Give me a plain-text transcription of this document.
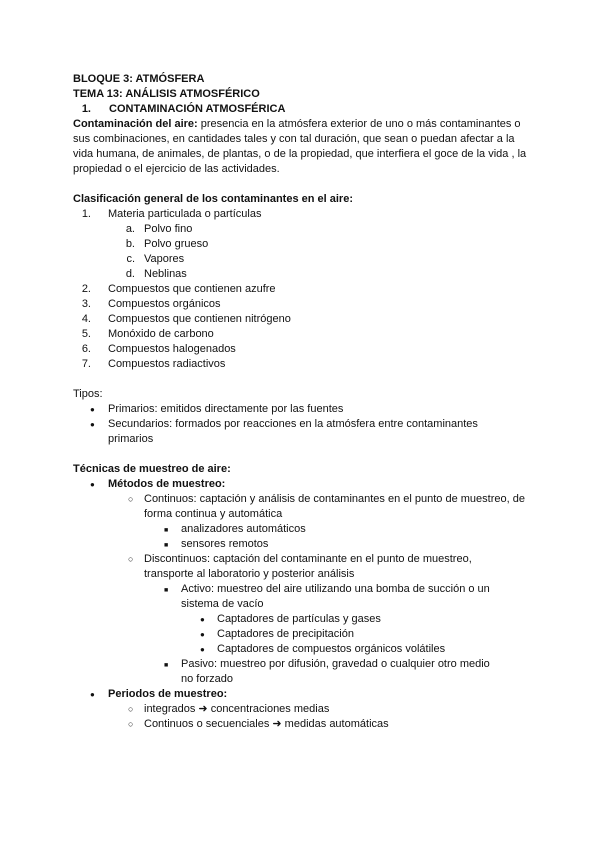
BLOQUE 3: ATMÓSFERA
TEMA 13: ANÁLISIS ATMOSFÉRICO
1.	CONTAMINACIÓN ATMOSFÉRICA
Contaminación del aire: presencia en la atmósfera exterior de uno o más contaminantes o sus combinaciones, en cantidades tales y con tal duración, que sean o puedan afectar a la vida humana, de animales, de plantas, o de la propiedad, que interfiera el goce de la vida , la propiedad o el ejercicio de las actividades.
Clasificación general de los contaminantes en el aire:
1.	Materia particulada o partículas
a. Polvo fino
b. Polvo grueso
c. Vapores
d. Neblinas
2.	Compuestos que contienen azufre
3.	Compuestos orgánicos
4.	Compuestos que contienen nitrógeno
5.	Monóxido de carbono
6.	Compuestos halogenados
7.	Compuestos radiactivos
Tipos:
●
Primarios: emitidos directamente por las fuentes
●
Secundarios: formados por reacciones en la atmósfera entre contaminantes primarios
Técnicas de muestreo de aire:
●
Métodos de muestreo:
○
Continuos: captación y análisis de contaminantes en el punto de muestreo, de forma continua y automática
■
analizadores automáticos
■
sensores remotos
○
Discontinuos: captación del contaminante en el punto de muestreo, transporte al laboratorio y posterior análisis
■
Activo: muestreo del aire utilizando una bomba de succión o un sistema de vacío
●
Captadores de partículas y gases
●
Captadores de precipitación
●
Captadores de compuestos orgánicos volátiles
■
Pasivo: muestreo por difusión, gravedad o cualquier otro medio no forzado
●
Periodos de muestreo:
○
integrados ➜ concentraciones medias
○
Continuos o secuenciales ➜ medidas automáticas
